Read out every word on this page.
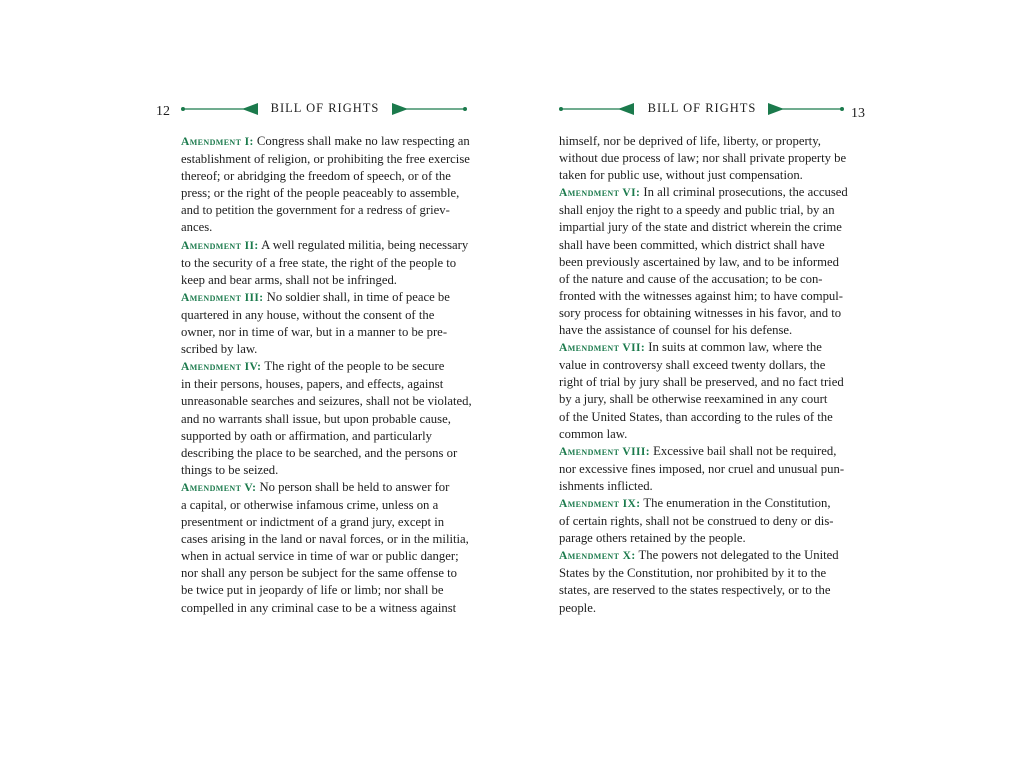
12	BILL OF RIGHTS
Amendment I: Congress shall make no law respecting an
establishment of religion, or prohibiting the free exercise
thereof; or abridging the freedom of speech, or of the
press; or the right of the people peaceably to assemble,
and to petition the government for a redress of griev-
ances.
Amendment II: A well regulated militia, being necessary
to the security of a free state, the right of the people to
keep and bear arms, shall not be infringed.
Amendment III: No soldier shall, in time of peace be
quartered in any house, without the consent of the
owner, nor in time of war, but in a manner to be pre-
scribed by law.
Amendment IV: The right of the people to be secure
in their persons, houses, papers, and effects, against
unreasonable searches and seizures, shall not be violated,
and no warrants shall issue, but upon probable cause,
supported by oath or affirmation, and particularly
describing the place to be searched, and the persons or
things to be seized.
Amendment V: No person shall be held to answer for
a capital, or otherwise infamous crime, unless on a
presentment or indictment of a grand jury, except in
cases arising in the land or naval forces, or in the militia,
when in actual service in time of war or public danger;
nor shall any person be subject for the same offense to
be twice put in jeopardy of life or limb; nor shall be
compelled in any criminal case to be a witness against
BILL OF RIGHTS	13
himself, nor be deprived of life, liberty, or property,
without due process of law; nor shall private property be
taken for public use, without just compensation.
Amendment VI: In all criminal prosecutions, the accused
shall enjoy the right to a speedy and public trial, by an
impartial jury of the state and district wherein the crime
shall have been committed, which district shall have
been previously ascertained by law, and to be informed
of the nature and cause of the accusation; to be con-
fronted with the witnesses against him; to have compul-
sory process for obtaining witnesses in his favor, and to
have the assistance of counsel for his defense.
Amendment VII: In suits at common law, where the
value in controversy shall exceed twenty dollars, the
right of trial by jury shall be preserved, and no fact tried
by a jury, shall be otherwise reexamined in any court
of the United States, than according to the rules of the
common law.
Amendment VIII: Excessive bail shall not be required,
nor excessive fines imposed, nor cruel and unusual pun-
ishments inflicted.
Amendment IX: The enumeration in the Constitution,
of certain rights, shall not be construed to deny or dis-
parage others retained by the people.
Amendment X: The powers not delegated to the United
States by the Constitution, nor prohibited by it to the
states, are reserved to the states respectively, or to the
people.
